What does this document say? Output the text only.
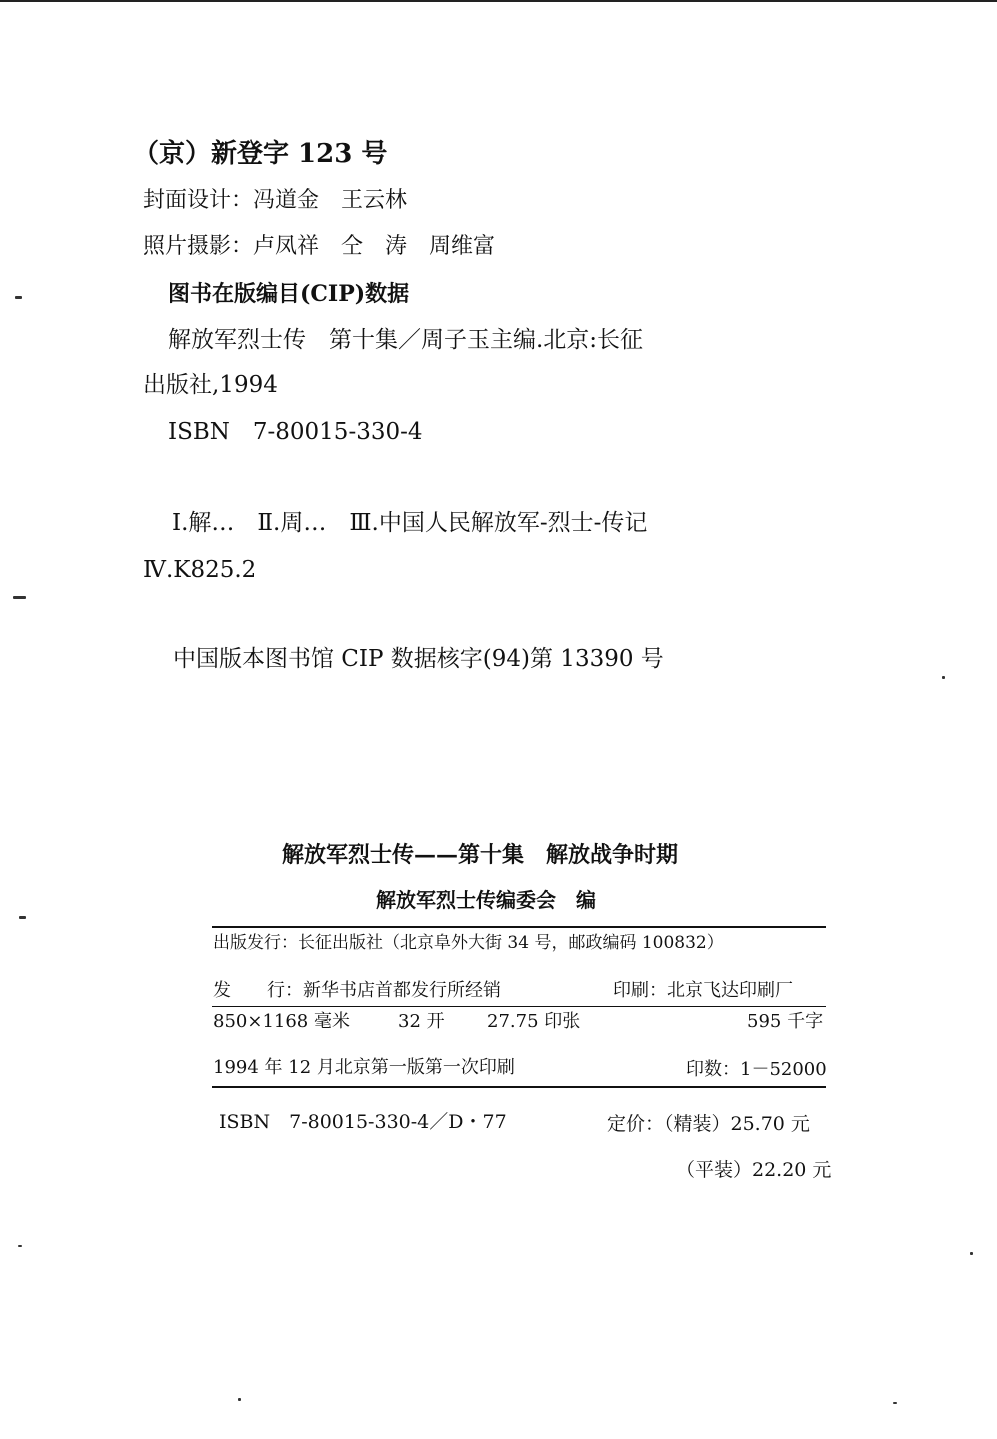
（京）新登字 123 号
封面设计：冯道金　王云林
照片摄影：卢凤祥　仝　涛　周维富
图书在版编目(CIP)数据
解放军烈士传　第十集／周子玉主编.北京:长征
出版社,1994
ISBN　7-80015-330-4
Ⅰ.解…　Ⅱ.周…　Ⅲ.中国人民解放军-烈士-传记
Ⅳ.K825.2
中国版本图书馆 CIP 数据核字(94)第 13390 号
解放军烈士传——第十集　解放战争时期
解放军烈士传编委会　编
出版发行：长征出版社（北京阜外大街 34 号，邮政编码 100832）
发　　行：新华书店首都发行所经销	印刷：北京飞达印刷厂
850×1168 毫米	32 开 27.75 印张	595 千字
1994 年 12 月北京第一版第一次印刷	印数：1－52000
ISBN　7-80015-330-4／D・77	定价：（精装）25.70 元
（平装）22.20 元
